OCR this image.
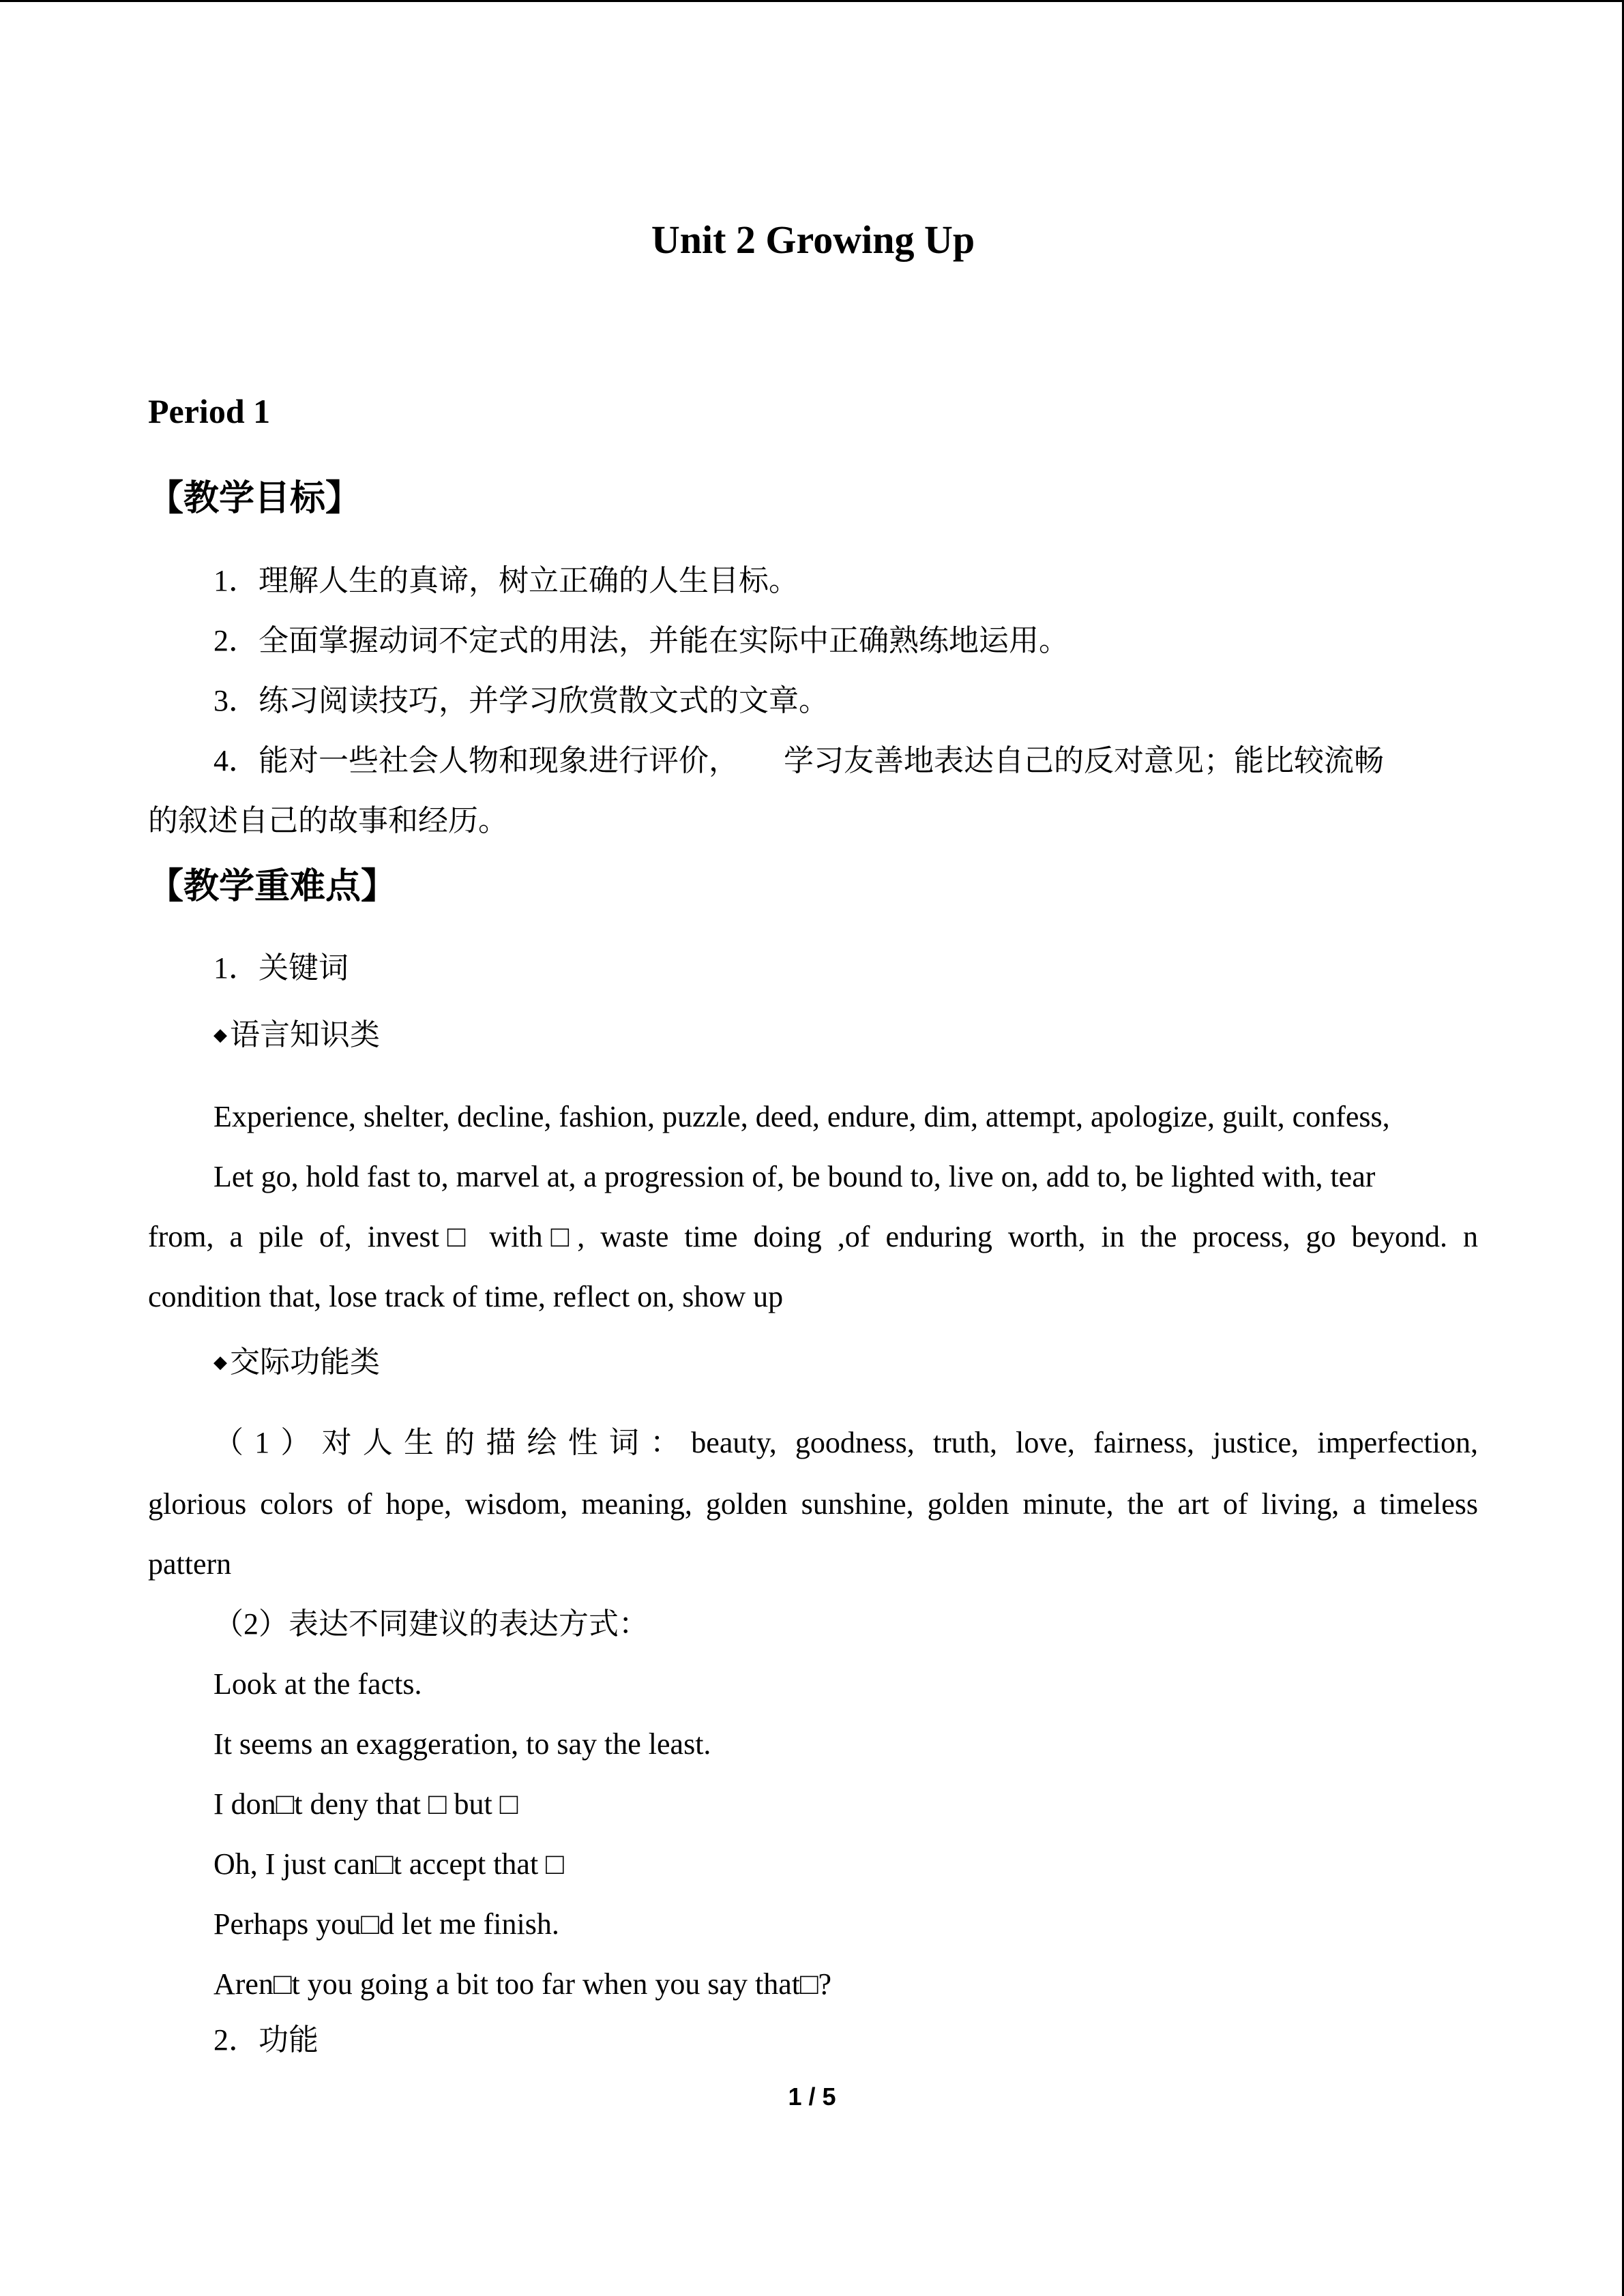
Unit 2 Growing Up
Period 1
【教学目标】
1．理解人生的真谛，树立正确的人生目标。
2．全面掌握动词不定式的用法，并能在实际中正确熟练地运用。
3．练习阅读技巧，并学习欣赏散文式的文章。
4．能对一些社会人物和现象进行评价，　　学习友善地表达自己的反对意见；能比较流畅
的叙述自己的故事和经历。
【教学重难点】
1．关键词
◆语言知识类
Experience, shelter, decline, fashion, puzzle, deed, endure, dim, attempt, apologize, guilt, confess,
Let go, hold fast to, marvel at, a progression of, be bound to, live on, add to, be lighted with, tear
from, a pile of, invest□ with□, waste time doing ,of enduring worth, in the process, go beyond. n
condition that, lose track of time, reflect on, show up
◆交际功能类
（1）对人生的描绘性词：beauty, goodness, truth, love, fairness, justice, imperfection,
glorious colors of hope, wisdom, meaning, golden sunshine, golden minute, the art of living, a timeless
pattern
（2）表达不同建议的表达方式：
Look at the facts.
It seems an exaggeration, to say the least.
I don□t deny that □ but □
Oh, I just can□t accept that □
Perhaps you□d let me finish.
Aren□t you going a bit too far when you say that□?
2．功能
1 / 5
